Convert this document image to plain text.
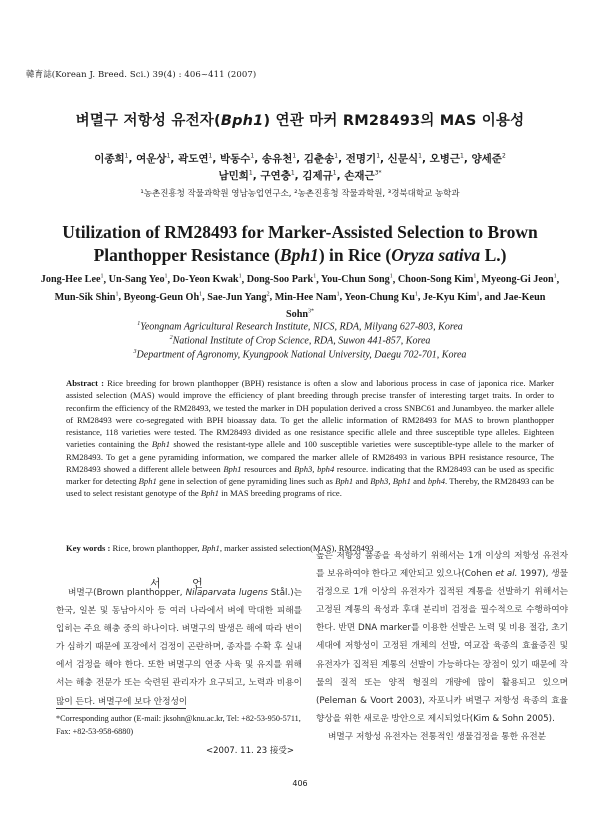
韓育誌(Korean J. Breed. Sci.) 39(4) : 406~411 (2007)
벼멸구 저항성 유전자(Bph1) 연관 마커 RM28493의 MAS 이용성
이종희$^1$, 여운상$^1$, 곽도연$^1$, 박동수$^1$, 송유천$^1$, 김춘송$^1$, 전명기$^1$, 신문식$^1$, 오병근$^1$, 양세준$^2$
남민희$^1$, 구연충$^1$, 김제규$^1$, 손재근$^{3*}$
¹농촌진흥청 작물과학원 영남농업연구소, ²농촌진흥청 작물과학원, ³경북대학교 농학과
Utilization of RM28493 for Marker-Assisted Selection to Brown Planthopper Resistance (Bph1) in Rice (Oryza sativa L.)
Jong-Hee Lee$^1$, Un-Sang Yeo$^1$, Do-Yeon Kwak$^1$, Dong-Soo Park$^1$, You-Chun Song$^1$, Choon-Song Kim$^1$, Myeong-Gi Jeon$^1$, Mun-Sik Shin$^1$, Byeong-Geun Oh$^1$, Sae-Jun Yang$^2$, Min-Hee Nam$^1$, Yeon-Chung Ku$^1$, Je-Kyu Kim$^1$, and Jae-Keun Sohn$^{3*}$
$^1$Yeongnam Agricultural Research Institute, NICS, RDA, Milyang 627-803, Korea
$^2$National Institute of Crop Science, RDA, Suwon 441-857, Korea
$^3$Department of Agronomy, Kyungpook National University, Daegu 702-701, Korea
Abstract : Rice breeding for brown planthopper (BPH) resistance is often a slow and laborious process in case of japonica rice. Marker assisted selection (MAS) would improve the efficiency of plant breeding through precise transfer of interesting target traits. In order to reconfirm the efficiency of the RM28493, we tested the marker in DH population derived a cross SNBC61 and Junambyeo. the marker allele of RM28493 were co-segregated with BPH bioassay data. To get the allelic information of RM28493 for MAS to brown planthopper resistance, 118 varieties were tested. The RM28493 divided as one resistance specific allele and three susceptible type alleles. Eighteen varieties containing the Bph1 showed the resistant-type allele and 100 susceptible varieties were susceptible-type allele to the marker of RM28493. To get a gene pyramiding information, we compared the marker allele of RM28493 in various BPH resistance resource, The RM28493 showed a different allele between Bph1 resources and Bph3, bph4 resource. indicating that the RM28493 can be used as specific marker for detecting Bph1 gene in selection of gene pyramiding lines such as Bph1 and Bph3, Bph1 and bph4. Thereby, the RM28493 can be used to select resistant genotype of the Bph1 in MAS breeding programs of rice.
Key words : Rice, brown planthopper, Bph1, marker assisted selection(MAS), RM28493
서 언

벼멸구(Brown planthopper, Nilaparvata lugens Stål.)는 한국, 일본 및 동남아시아 등 여러 나라에서 벼에 막대한 피해를 입히는 주요 해충 중의 하나이다. 벼멸구의 발생은 해에 따라 변이가 심하기 때문에 포장에서 검정이 곤란하며, 종자를 수확 후 실내에서 검정을 해야 한다. 또한 벼멸구의 연중 사육 및 유지를 위해서는 해충 전문가 또는 숙련된 관리자가 요구되고, 노력과 비용이 많이 든다. 벼멸구에 보다 안정성이

높은 저항성 품종을 육성하기 위해서는 1개 이상의 저항성 유전자를 보유하여야 한다고 제안되고 있으나(Cohen et al. 1997), 생물검정으로 1개 이상의 유전자가 집적된 계통을 선발하기 위해서는 고정된 계통의 육성과 후대 분리비 검정을 필수적으로 수행하여야 한다. 반면 DNA marker를 이용한 선발은 노력 및 비용 절감, 초기세대에 저항성이 고정된 개체의 선발, 여교잡 육종의 효율증진 및 유전자가 집적된 계통의 선발이 가능하다는 장점이 있기 때문에 작물의 질적 또는 양적 형질의 개량에 많이 활용되고 있으며(Peleman & Voort 2003), 자포니카 벼멸구 저항성 육종의 효율 향상을 위한 새로운 방안으로 제시되었다(Kim & Sohn 2005).

벼멸구 저항성 유전자는 전통적인 생물검정을 통한 유전분

*Corresponding author (E-mail: jksohn@knu.ac.kr, Tel: +82-53-950-5711, Fax: +82-53-958-6880)
<2007. 11. 23 接受>
406
